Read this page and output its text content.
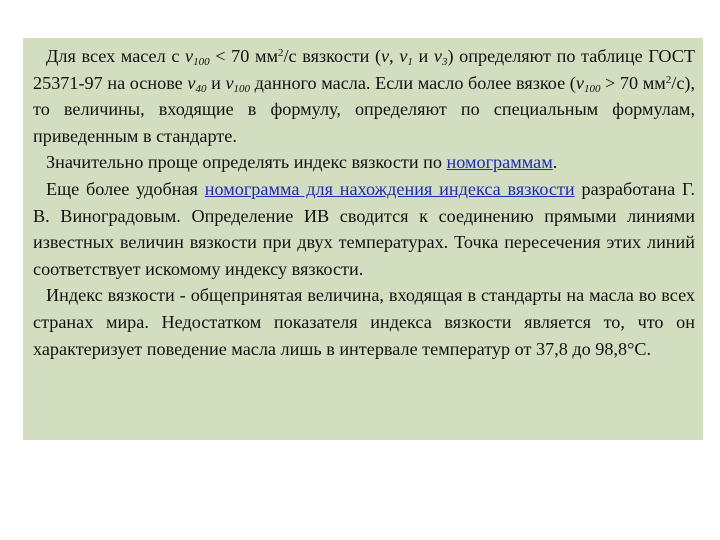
Для всех масел с $\nu_{100} < 70$ $мм^2/с$ вязкости (ν, $\nu_1$ и $\nu_3$) определяют по таблице ГОСТ 25371-97 на основе $\nu_{40}$ и $\nu_{100}$ данного масла. Если масло более вязкое ($\nu_{100} > 70$ $мм^2/с$), то величины, входящие в формулу, определяют по специальным формулам, приведенным в стандарте.

Значительно проще определять индекс вязкости по номограммам.

Еще более удобная номограмма для нахождения индекса вязкости разработана Г. В. Виноградовым. Определение ИВ сводится к соединению прямыми линиями известных величин вязкости при двух температурах. Точка пересечения этих линий соответствует искомому индексу вязкости.

Индекс вязкости - общепринятая величина, входящая в стандарты на масла во всех странах мира. Недостатком показателя индекса вязкости является то, что он характеризует поведение масла лишь в интервале температур от 37,8 до 98,8°С.
